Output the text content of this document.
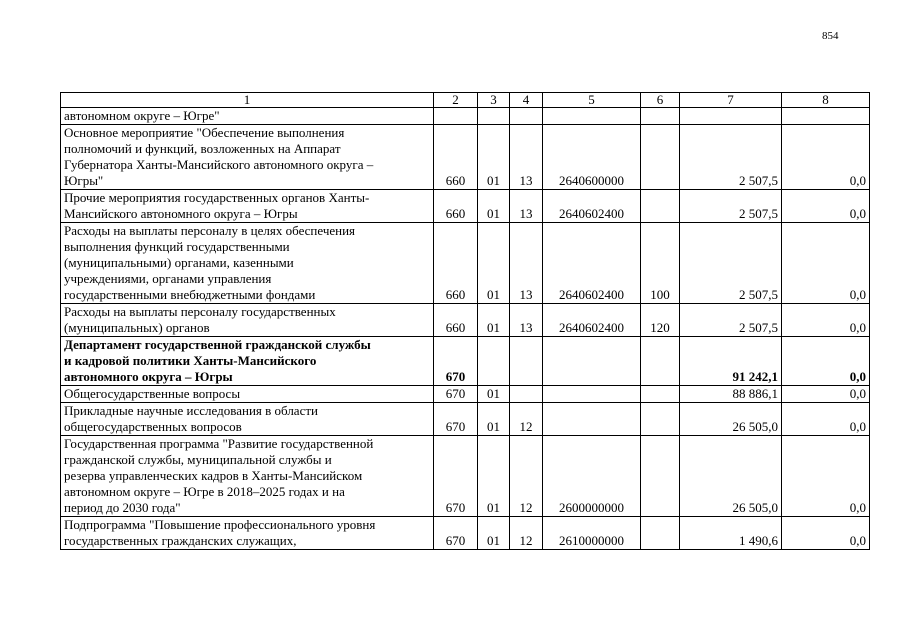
854
1	2	3	4	5	6	7	8
автономном округе – Югре"							
Основное мероприятие "Обеспечение выполнения
полномочий и функций, возложенных на Аппарат
Губернатора Ханты-Мансийского автономного округа –
Югры"	660	01	13	2640600000		2 507,5	0,0
Прочие мероприятия государственных органов Ханты-
Мансийского автономного округа – Югры	660	01	13	2640602400		2 507,5	0,0
Расходы на выплаты персоналу в целях обеспечения
выполнения функций государственными
(муниципальными) органами, казенными
учреждениями, органами управления
государственными внебюджетными фондами	660	01	13	2640602400	100	2 507,5	0,0
Расходы на выплаты персоналу государственных
(муниципальных) органов	660	01	13	2640602400	120	2 507,5	0,0
Департамент государственной гражданской службы
и кадровой политики Ханты-Мансийского
автономного округа – Югры	670					91 242,1	0,0
Общегосударственные вопросы	670	01				88 886,1	0,0
Прикладные научные исследования в области
общегосударственных вопросов	670	01	12			26 505,0	0,0
Государственная программа "Развитие государственной
гражданской службы, муниципальной службы и
резерва управленческих кадров в Ханты-Мансийском
автономном округе – Югре в 2018–2025 годах и на
период до 2030 года"	670	01	12	2600000000		26 505,0	0,0
Подпрограмма "Повышение профессионального уровня
государственных гражданских служащих,	670	01	12	2610000000		1 490,6	0,0
